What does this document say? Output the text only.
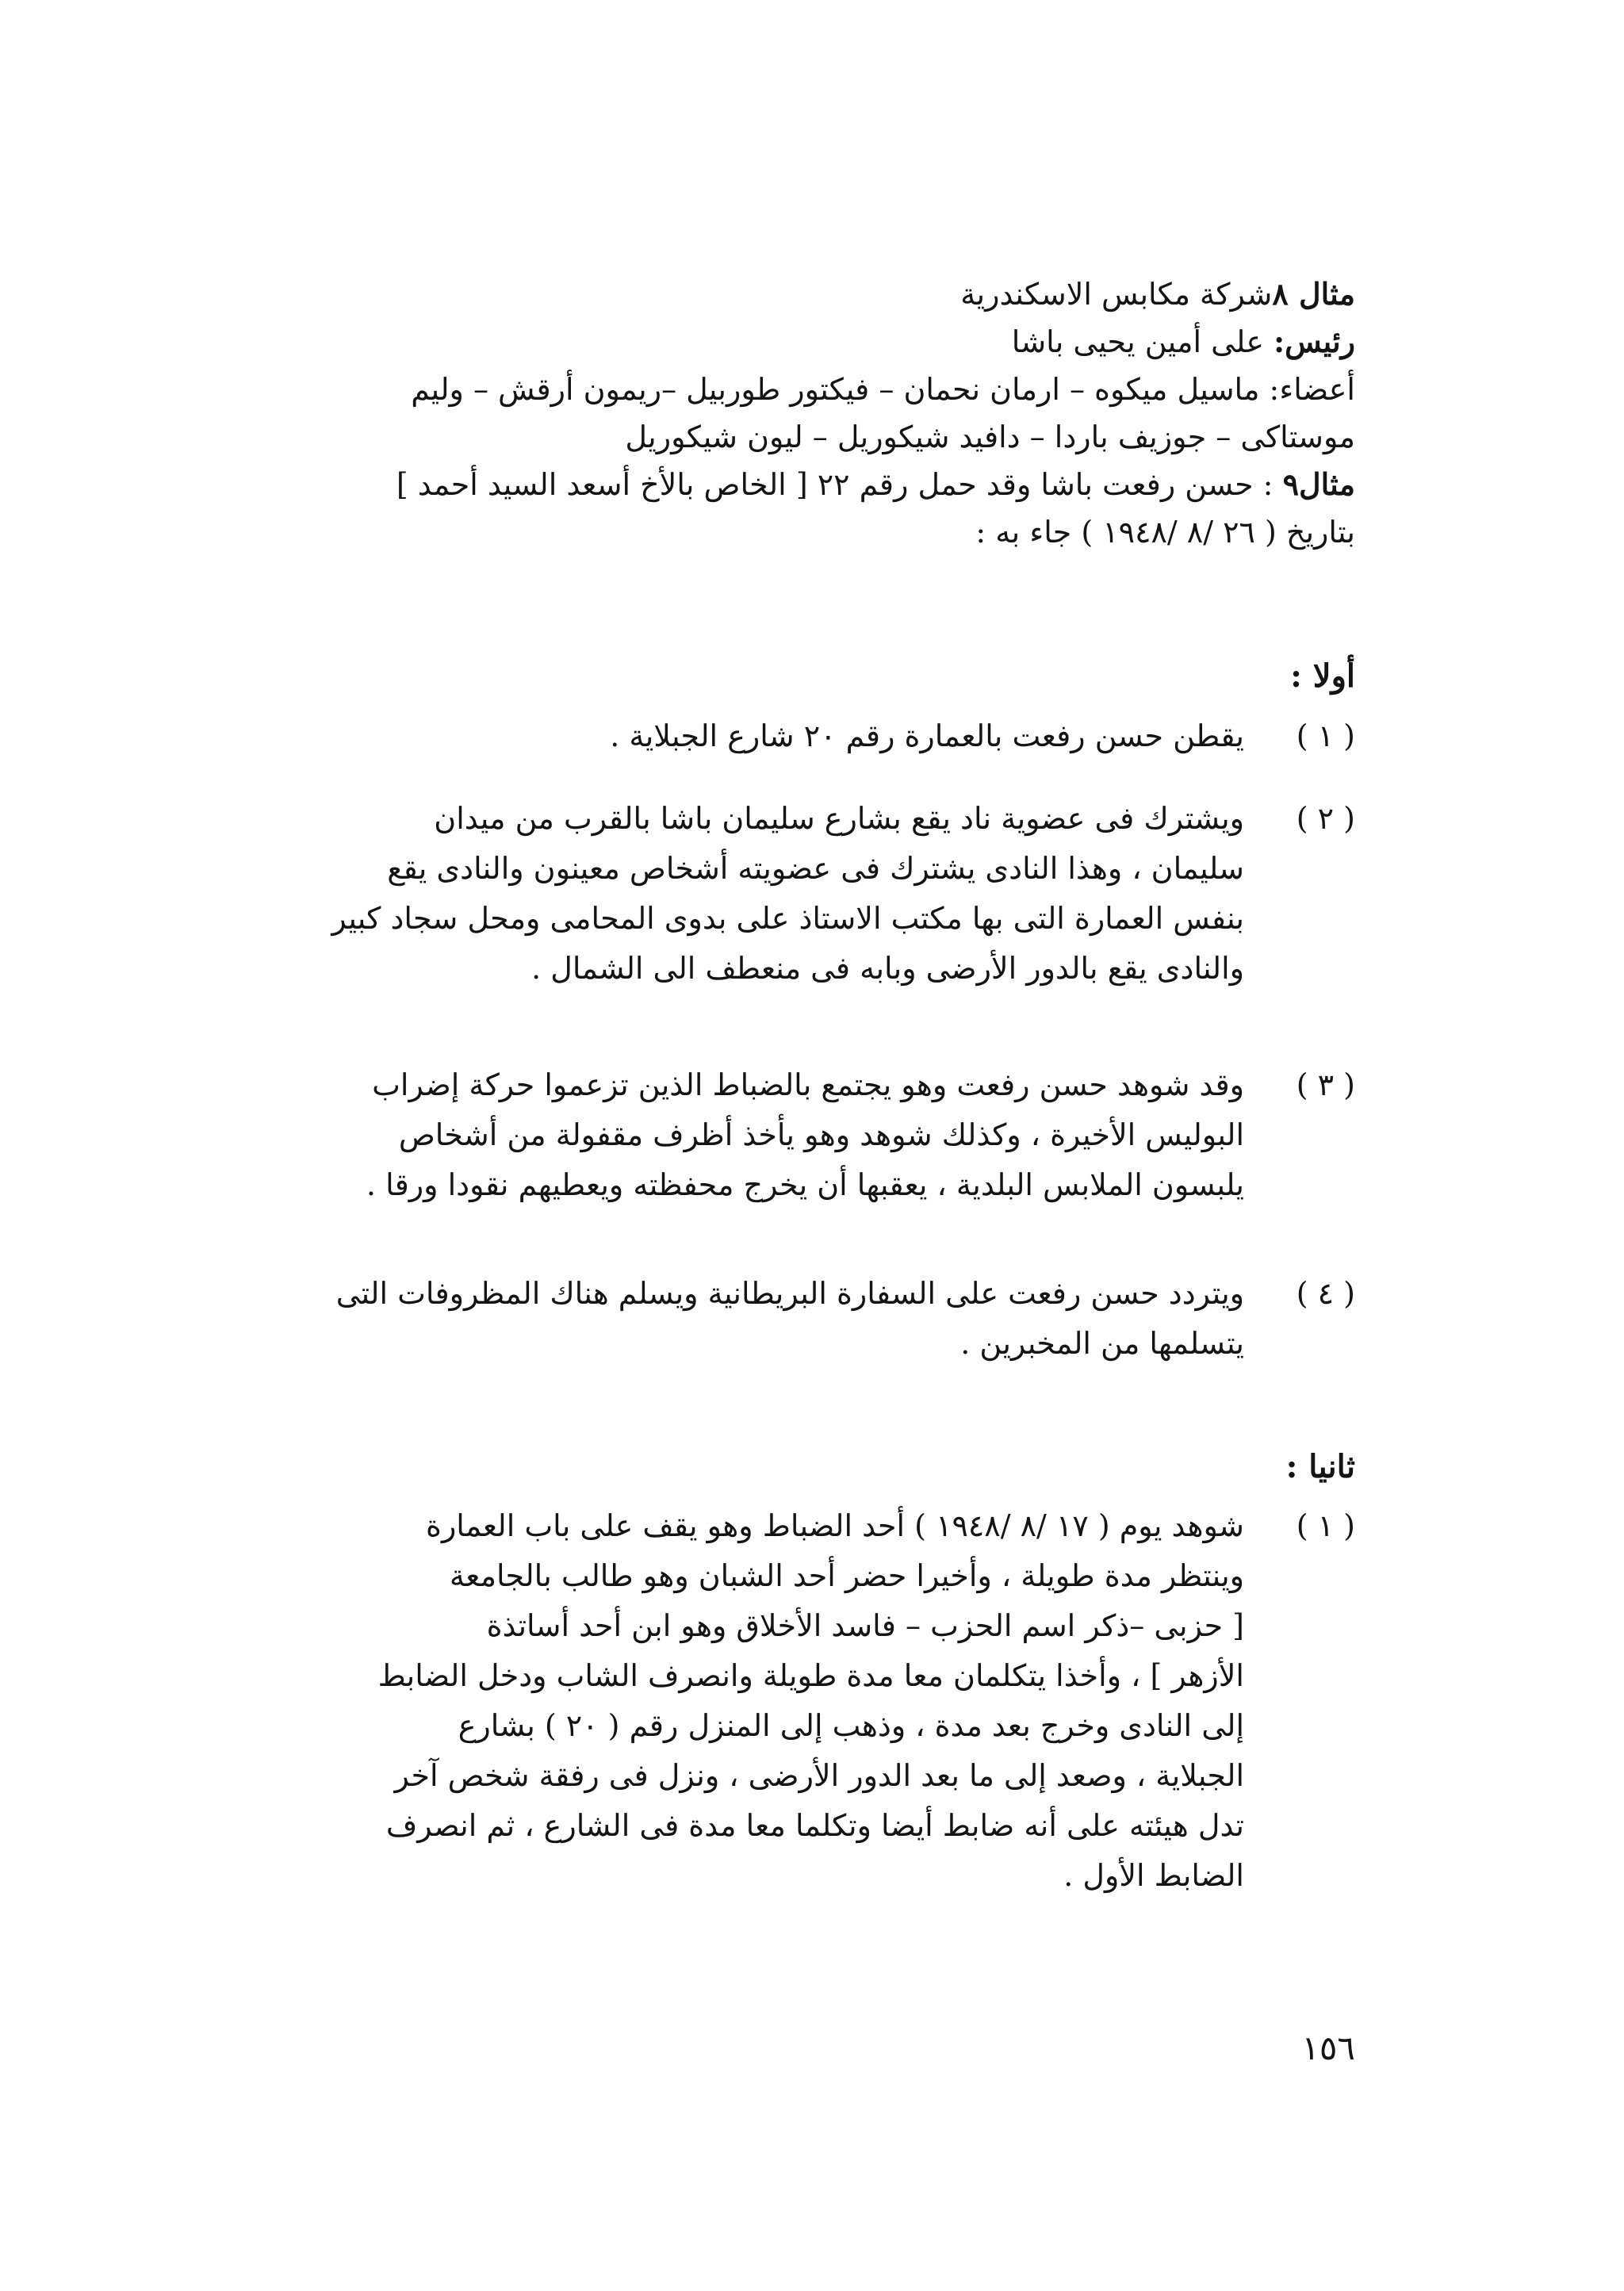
مثال ٨شركة مكابس الاسكندرية
رئيس: على أمين يحيى باشا
أعضاء: ماسيل ميكوه – ارمان نحمان – فيكتور طوربيل –ريمون أرقش – وليم
موستاكى – جوزيف باردا – دافيد شيكوريل – ليون شيكوريل
مثال٩ : حسن رفعت باشا وقد حمل رقم ٢٢ [ الخاص بالأخ أسعد السيد أحمد ]
بتاريخ ( ٢٦ /٨ /١٩٤٨ ) جاء به :
أولا :
( ١ )
يقطن حسن رفعت بالعمارة رقم ٢٠ شارع الجبلاية .
( ٢ )
ويشترك فى عضوية ناد يقع بشارع سليمان باشا بالقرب من ميدان
سليمان ، وهذا النادى يشترك فى عضويته أشخاص معينون والنادى يقع
بنفس العمارة التى بها مكتب الاستاذ على بدوى المحامى ومحل سجاد كبير
والنادى يقع بالدور الأرضى وبابه فى منعطف الى الشمال .
( ٣ )
وقد شوهد حسن رفعت وهو يجتمع بالضباط الذين تزعموا حركة إضراب
البوليس الأخيرة ، وكذلك شوهد وهو يأخذ أظرف مقفولة من أشخاص
يلبسون الملابس البلدية ، يعقبها أن يخرج محفظته ويعطيهم نقودا ورقا .
( ٤ )
ويتردد حسن رفعت على السفارة البريطانية ويسلم هناك المظروفات التى
يتسلمها من المخبرين .
ثانيا :
( ١ )
شوهد يوم ( ١٧ /٨ /١٩٤٨ ) أحد الضباط وهو يقف على باب العمارة
وينتظر مدة طويلة ، وأخيرا حضر أحد الشبان وهو طالب بالجامعة
[ حزبى –ذكر اسم الحزب – فاسد الأخلاق وهو ابن أحد أساتذة
الأزهر ] ، وأخذا يتكلمان معا مدة طويلة وانصرف الشاب ودخل الضابط
إلى النادى وخرج بعد مدة ، وذهب إلى المنزل رقم ( ٢٠ ) بشارع
الجبلاية ، وصعد إلى ما بعد الدور الأرضى ، ونزل فى رفقة شخص آخر
تدل هيئته على أنه ضابط أيضا وتكلما معا مدة فى الشارع ، ثم انصرف
الضابط الأول .
١٥٦
